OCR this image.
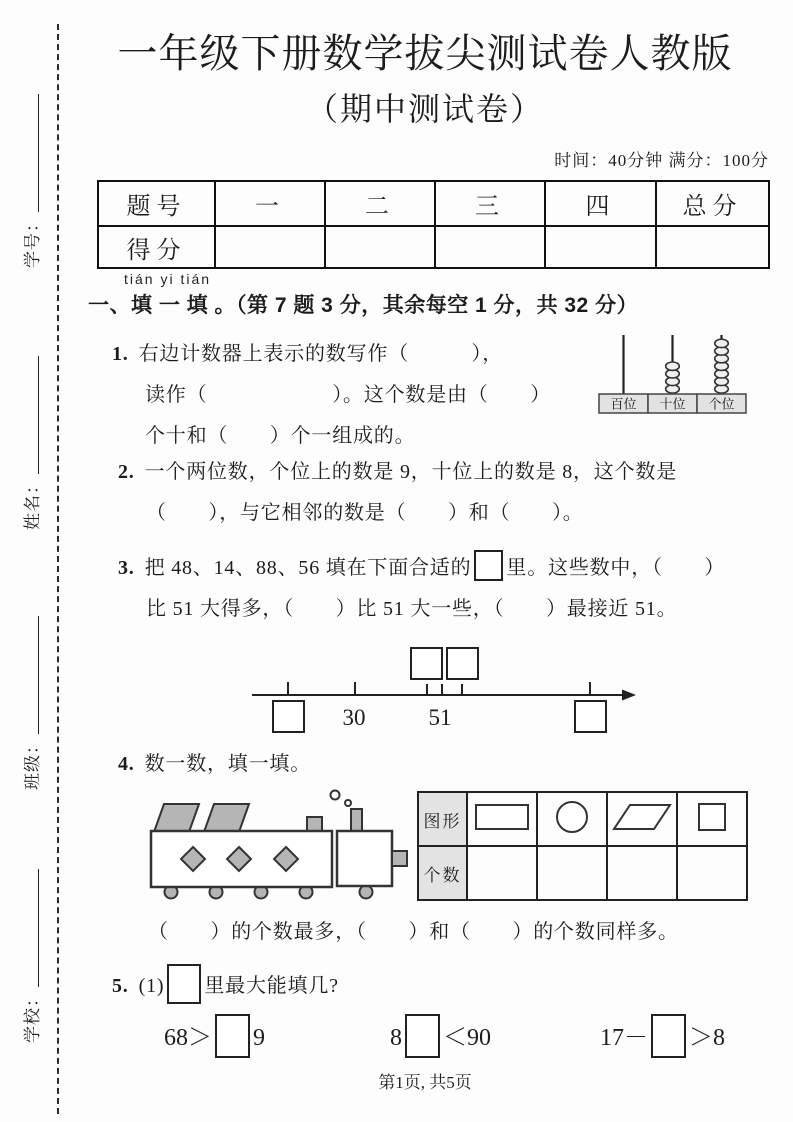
学号：
姓名：
班级：
学校：
一年级下册数学拔尖测试卷人教版
（期中测试卷）
时间：40分钟 满分：100分
题号	一	二	三	四	总分
得分					
tián yi tián
一、填 一 填 。（第 7 题 3 分，其余每空 1 分，共 32 分）
1. 右边计数器上表示的数写作（　　　），
读作（　　　　　　）。这个数是由（　　）
个十和（　　）个一组成的。
百位 十位 个位
2. 一个两位数，个位上的数是 9，十位上的数是 8，这个数是
（　　），与它相邻的数是（　　）和（　　）。
3. 把 48、14、88、56 填在下面合适的 里。这些数中，（　　）
比 51 大得多，（　　）比 51 大一些，（　　）最接近 51。
30	51
4. 数一数，填一填。
图形				
个数				
（　　）的个数最多，（　　）和（　　）的个数同样多。
5. (1) 里最大能填几?
68＞ 9	8 ＜90	17－ ＞8
第1页, 共5页
